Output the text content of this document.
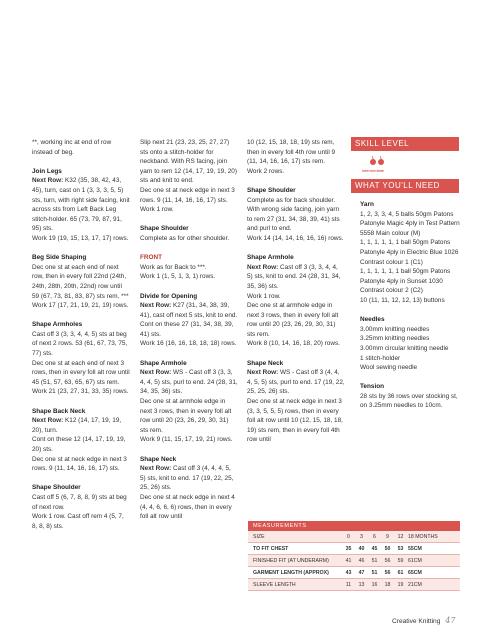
**, working inc at end of row instead of beg.

Join Legs
Next Row: K32 (35, 38, 42, 43, 45), turn, cast on 1 (3, 3, 3, 5, 5) sts, turn, with right side facing, knit across sts from Left Back Leg stitch-holder. 65 (73, 79, 87, 91, 95) sts.
Work 19 (19, 15, 13, 17, 17) rows.

Beg Side Shaping
Dec one st at each end of next row, then in every foll 22nd (24th, 24th, 28th, 20th, 22nd) row until 59 (67, 73, 81, 83, 87) sts rem. ***
Work 17 (17, 21, 19, 21, 19) rows.

Shape Armholes
Cast off 3 (3, 3, 4, 4, 5) sts at beg of next 2 rows. 53 (61, 67, 73, 75, 77) sts.
Dec one st at each end of next 3 rows, then in every foll alt row until 45 (51, 57, 63, 65, 67) sts rem.
Work 21 (23, 27, 31, 33, 35) rows.

Shape Back Neck
Next Row: K12 (14, 17, 19, 19, 20), turn.
Cont on these 12 (14, 17, 19, 19, 20) sts.
Dec one st at neck edge in next 3 rows. 9 (11, 14, 16, 16, 17) sts.

Shape Shoulder
Cast off 5 (6, 7, 8, 8, 9) sts at beg of next row.
Work 1 row. Cast off rem 4 (5, 7, 8, 8, 8) sts.

Slip next 21 (23, 23, 25, 27, 27) sts onto a stitch-holder for neckband. With RS facing, join yarn to rem 12 (14, 17, 19, 19, 20) sts and knit to end.
Dec one st at neck edge in next 3 rows. 9 (11, 14, 16, 16, 17) sts.
Work 1 row.

Shape Shoulder
Complete as for other shoulder.

FRONT
Work as for Back to ***.
Work 1 (1, 5, 1, 3, 1) rows.

Divide for Opening
Next Row: K27 (31, 34, 38, 39, 41), cast off next 5 sts, knit to end.
Cont on these 27 (31, 34, 38, 39, 41) sts.
Work 16 (16, 16, 18, 18, 18) rows.

Shape Armhole
Next Row: WS - Cast off 3 (3, 3, 4, 4, 5) sts, purl to end. 24 (28, 31, 34, 35, 36) sts.
Dec one st at armhole edge in next 3 rows, then in every foll alt row until 20 (23, 26, 29, 30, 31) sts rem.
Work 9 (11, 15, 17, 19, 21) rows.

Shape Neck
Next Row: Cast off 3 (4, 4, 4, 5, 5) sts, knit to end. 17 (19, 22, 25, 25, 26) sts.
Dec one st at neck edge in next 4 (4, 4, 6, 6, 6) rows, then in every foll alt row until

10 (12, 15, 18, 18, 19) sts rem, then in every foll 4th row until 9 (11, 14, 16, 16, 17) sts rem.
Work 2 rows.

Shape Shoulder
Complete as for back shoulder.
With wrong side facing, join yarn to rem 27 (31, 34, 38, 39, 41) sts and purl to end.
Work 14 (14, 14, 16, 16, 16) rows.

Shape Armhole
Next Row: Cast off 3 (3, 3, 4, 4, 5) sts, knit to end. 24 (28, 31, 34, 35, 36) sts.
Work 1 row.
Dec one st at armhole edge in next 3 rows, then in every foll alt row until 20 (23, 26, 29, 30, 31) sts rem.
Work 8 (10, 14, 16, 18, 20) rows.

Shape Neck
Next Row: WS - Cast off 3 (4, 4, 4, 5, 5) sts, purl to end. 17 (19, 22, 25, 25, 26) sts.
Dec one st at neck edge in next 3 (3, 3, 5, 5, 5) rows, then in every foll alt row until 10 (12, 15, 18, 18, 19) sts rem, then in every foll 4th row until

SKILL LEVEL
intermediate
WHAT YOU'LL NEED

Yarn
1, 2, 3, 3, 4, 5 balls 50gm Patons Patonyle Magic 4ply in Test Pattern 5558 Main colour (M)
1, 1, 1, 1, 1, 1 ball 50gm Patons Patonyle 4ply in Electric Blue 1026 Contrast colour 1 (C1)
1, 1, 1, 1, 1, 1 ball 50gm Patons Patonyle 4ply in Sunset 1030 Contrast colour 2 (C2)
10 (11, 11, 12, 12, 13) buttons

Needles
3.00mm knitting needles
3.25mm knitting needles
3.00mm circular knitting needle
1 stitch-holder
Wool sewing needle

Tension
28 sts by 36 rows over stocking st, on 3.25mm needles to 10cm.

MEASUREMENTS
SIZE	0	3	6	9	12	18 MONTHS
TO FIT CHEST	35	40	45	50	53	55CM
FINISHED FIT (AT UNDERARM)	41	46	51	56	59	61CM
GARMENT LENGTH (APPROX)	43	47	51	56	61	65CM
SLEEVE LENGTH	11	13	16	18	19	21CM
Creative Knitting 47
